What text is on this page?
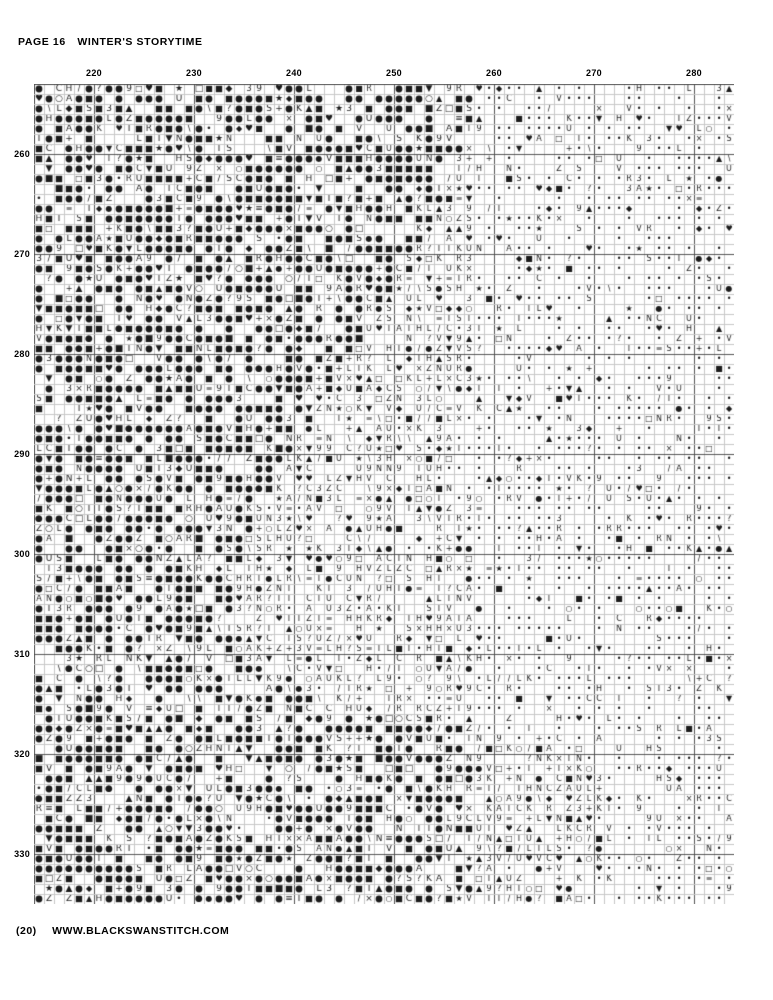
PAGE 16 WINTER'S STORYTIME
220	230	240	250	260	270	280
260
270
280
290
300
310
320
330
(20) WWW.BLACKSWANSTITCH.COM
